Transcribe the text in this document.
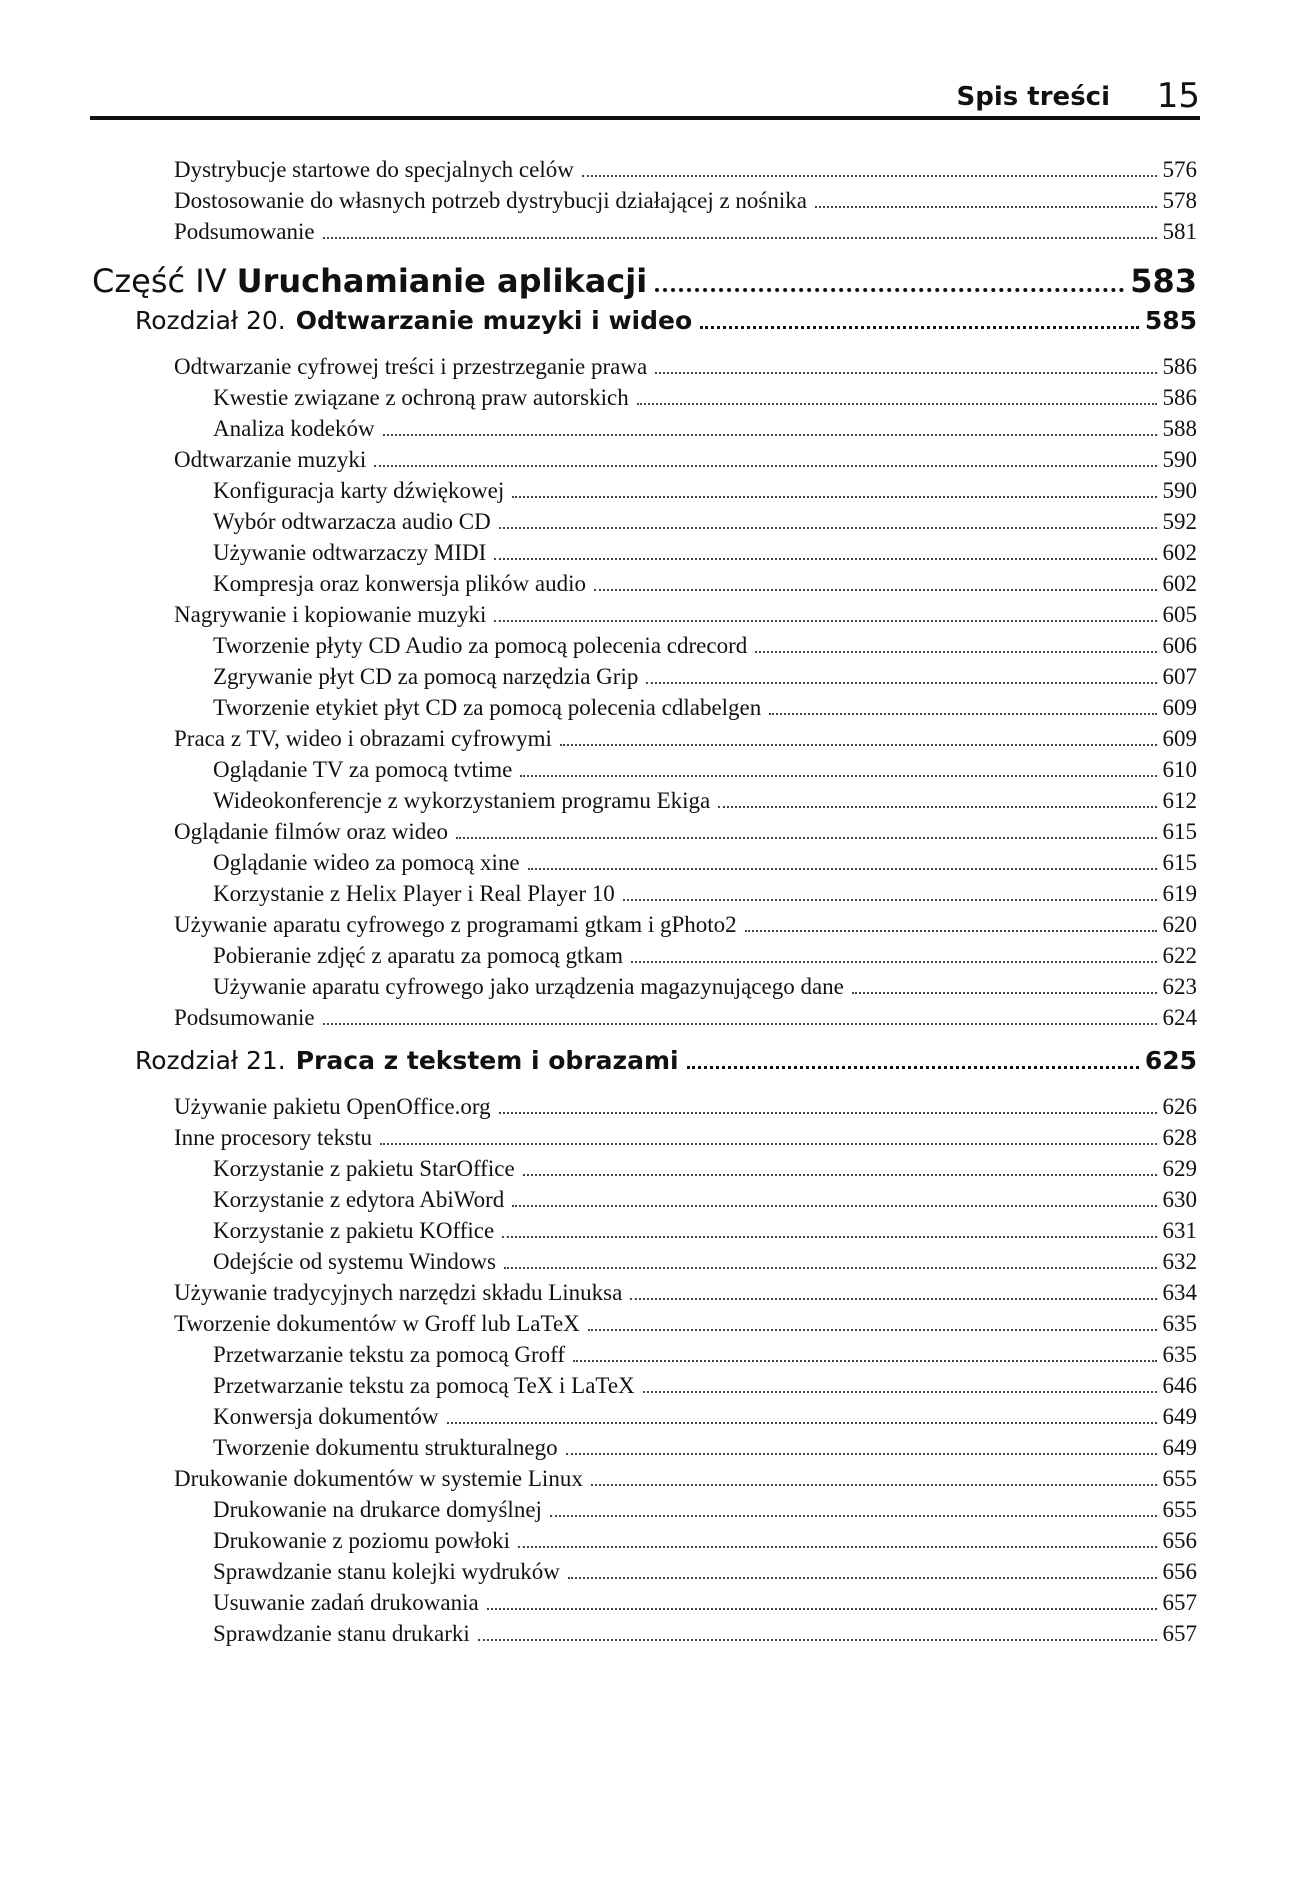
Spis treści 15
Dystrybucje startowe do specjalnych celów	576
Dostosowanie do własnych potrzeb dystrybucji działającej z nośnika	578
Podsumowanie	581
Część IV Uruchamianie aplikacji	583
Rozdział 20. Odtwarzanie muzyki i wideo	585
Odtwarzanie cyfrowej treści i przestrzeganie prawa	586
Kwestie związane z ochroną praw autorskich	586
Analiza kodeków	588
Odtwarzanie muzyki	590
Konfiguracja karty dźwiękowej	590
Wybór odtwarzacza audio CD	592
Używanie odtwarzaczy MIDI	602
Kompresja oraz konwersja plików audio	602
Nagrywanie i kopiowanie muzyki	605
Tworzenie płyty CD Audio za pomocą polecenia cdrecord	606
Zgrywanie płyt CD za pomocą narzędzia Grip	607
Tworzenie etykiet płyt CD za pomocą polecenia cdlabelgen	609
Praca z TV, wideo i obrazami cyfrowymi	609
Oglądanie TV za pomocą tvtime	610
Wideokonferencje z wykorzystaniem programu Ekiga	612
Oglądanie filmów oraz wideo	615
Oglądanie wideo za pomocą xine	615
Korzystanie z Helix Player i Real Player 10	619
Używanie aparatu cyfrowego z programami gtkam i gPhoto2	620
Pobieranie zdjęć z aparatu za pomocą gtkam	622
Używanie aparatu cyfrowego jako urządzenia magazynującego dane	623
Podsumowanie	624
Rozdział 21. Praca z tekstem i obrazami	625
Używanie pakietu OpenOffice.org	626
Inne procesory tekstu	628
Korzystanie z pakietu StarOffice	629
Korzystanie z edytora AbiWord	630
Korzystanie z pakietu KOffice	631
Odejście od systemu Windows	632
Używanie tradycyjnych narzędzi składu Linuksa	634
Tworzenie dokumentów w Groff lub LaTeX	635
Przetwarzanie tekstu za pomocą Groff	635
Przetwarzanie tekstu za pomocą TeX i LaTeX	646
Konwersja dokumentów	649
Tworzenie dokumentu strukturalnego	649
Drukowanie dokumentów w systemie Linux	655
Drukowanie na drukarce domyślnej	655
Drukowanie z poziomu powłoki	656
Sprawdzanie stanu kolejki wydruków	656
Usuwanie zadań drukowania	657
Sprawdzanie stanu drukarki	657
